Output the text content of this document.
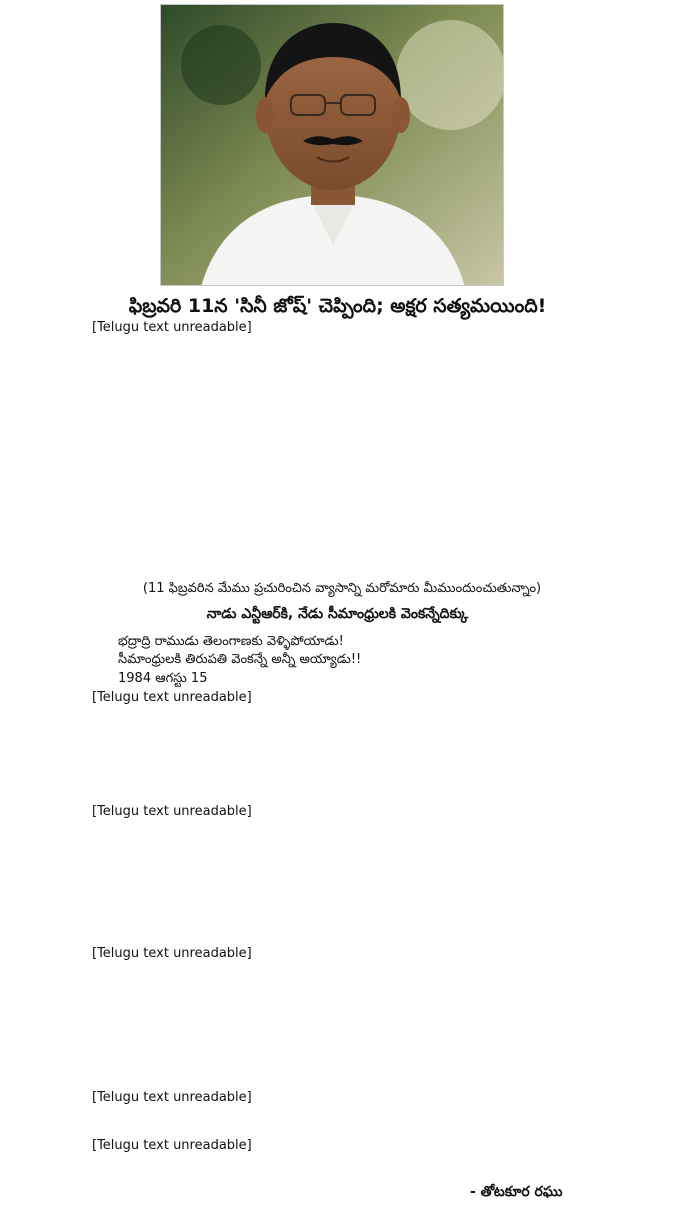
ఫిబ్రవరి 11న 'సినీ జోష్' చెప్పింది; అక్షర సత్యమయింది!

[Telugu text unreadable]

(11 ఫిబ్రవరిన మేము ప్రచురించిన వ్యాసాన్ని మరోమారు మీముందుంచుతున్నాం)
నాడు ఎన్టీఆర్‌కి, నేడు సీమాంధ్రులకి వెంకన్నేదిక్కు
భద్రాద్రి రాముడు తెలంగాణకు వెళ్ళిపోయాడు!
సీమాంధ్రులకి తిరుపతి వెంకన్నే అన్నీ అయ్యాడు!!
1984 ఆగస్టు 15

[Telugu text unreadable]

[Telugu text unreadable]

[Telugu text unreadable]

[Telugu text unreadable]

[Telugu text unreadable]

- తోటకూర రఘు
